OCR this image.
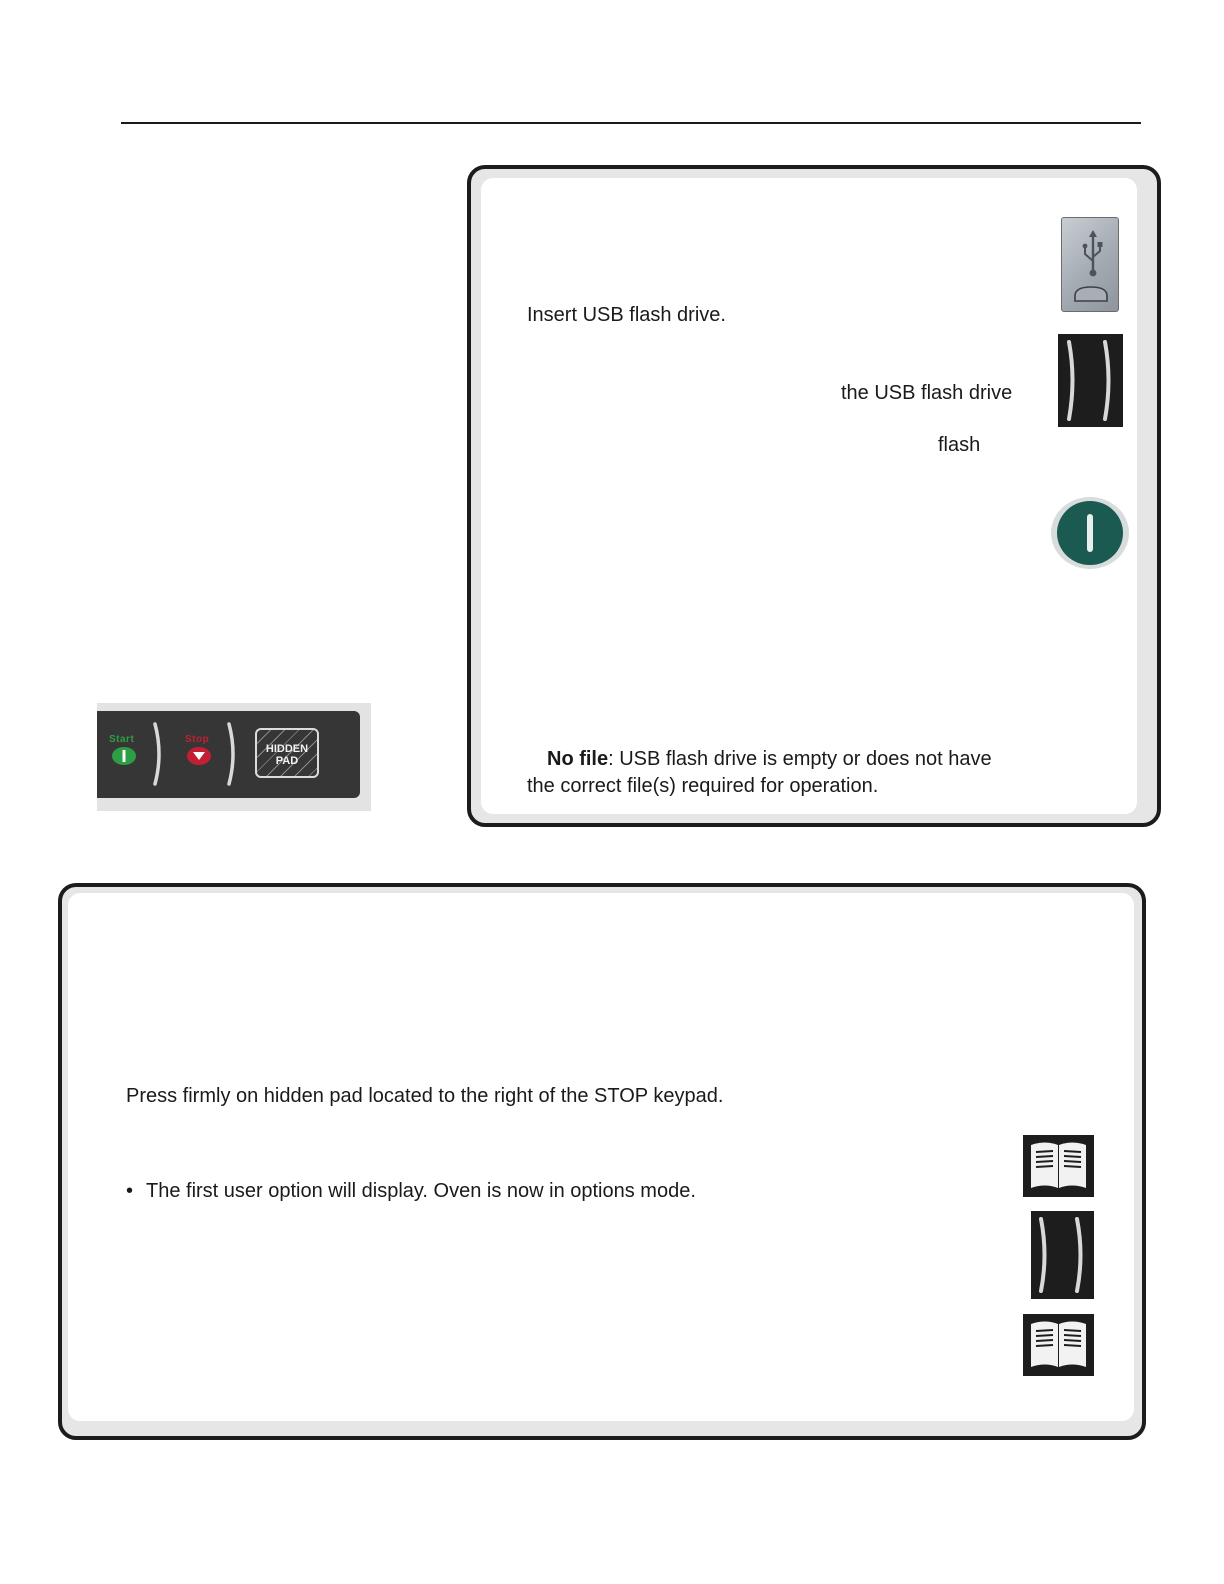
Insert USB flash drive.
the USB flash drive
flash
No file: USB flash drive is empty or does not have
the correct file(s) required for operation.
Start	Stop
HIDDEN
PAD
Press firmly on hidden pad located to the right of the STOP keypad.
• The first user option will display. Oven is now in options mode.
